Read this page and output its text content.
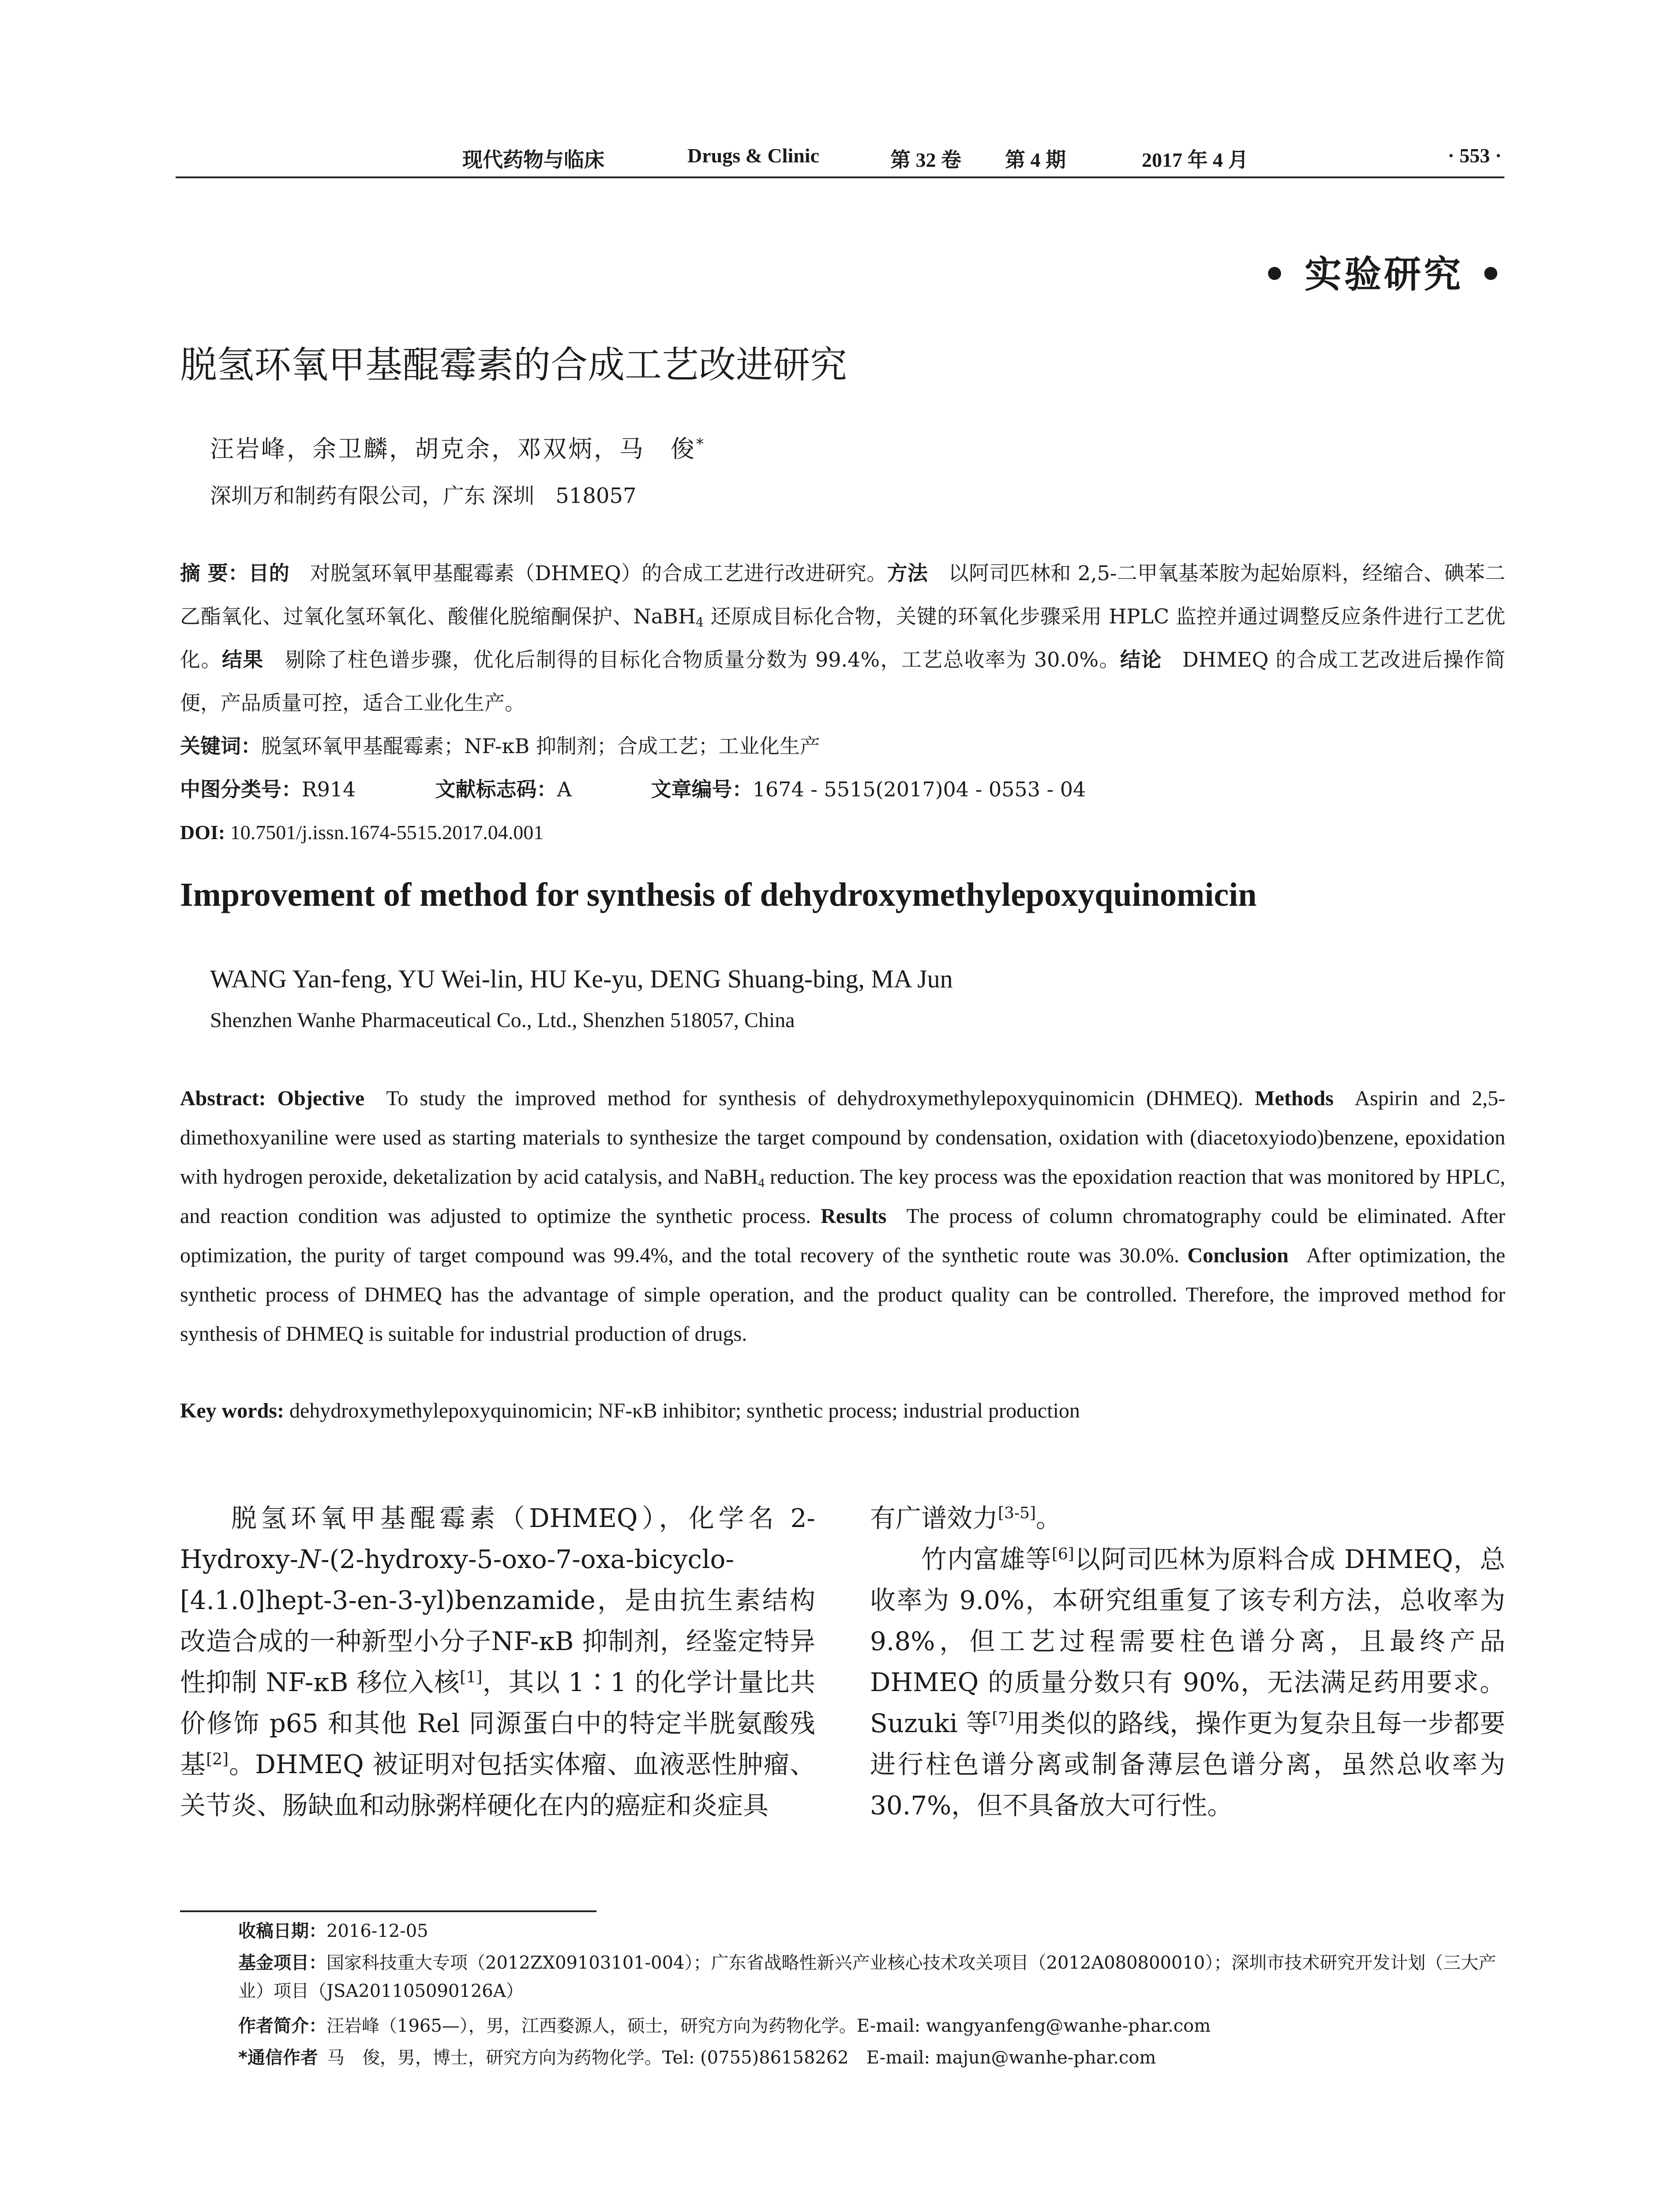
现代药物与临床	Drugs & Clinic	第 32 卷 第 4 期	2017 年 4 月	· 553 ·
• 实验研究 •
脱氢环氧甲基醌霉素的合成工艺改进研究
汪岩峰，余卫麟，胡克余，邓双炳，马　俊*
深圳万和制药有限公司，广东 深圳　518057

摘 要：目的  对脱氢环氧甲基醌霉素（DHMEQ）的合成工艺进行改进研究。方法  以阿司匹林和 2,5-二甲氧基苯胺为起始原料，经缩合、碘苯二乙酯氧化、过氧化氢环氧化、酸催化脱缩酮保护、NaBH$_4$ 还原成目标化合物，关键的环氧化步骤采用 HPLC 监控并通过调整反应条件进行工艺优化。结果  剔除了柱色谱步骤，优化后制得的目标化合物质量分数为 99.4%，工艺总收率为 30.0%。结论  DHMEQ 的合成工艺改进后操作简便，产品质量可控，适合工业化生产。

关键词：脱氢环氧甲基醌霉素；NF-κB 抑制剂；合成工艺；工业化生产

中图分类号：R914	文献标志码：A	文章编号：1674 - 5515(2017)04 - 0553 - 04

DOI: 10.7501/j.issn.1674-5515.2017.04.001

Improvement of method for synthesis of dehydroxymethylepoxyquinomicin
WANG Yan-feng, YU Wei-lin, HU Ke-yu, DENG Shuang-bing, MA Jun
Shenzhen Wanhe Pharmaceutical Co., Ltd., Shenzhen 518057, China

Abstract: Objective  To study the improved method for synthesis of dehydroxymethylepoxyquinomicin (DHMEQ). Methods  Aspirin and 2,5-dimethoxyaniline were used as starting materials to synthesize the target compound by condensation, oxidation with (diacetoxyiodo)benzene, epoxidation with hydrogen peroxide, deketalization by acid catalysis, and NaBH$_4$ reduction. The key process was the epoxidation reaction that was monitored by HPLC, and reaction condition was adjusted to optimize the synthetic process. Results  The process of column chromatography could be eliminated. After optimization, the purity of target compound was 99.4%, and the total recovery of the synthetic route was 30.0%. Conclusion  After optimization, the synthetic process of DHMEQ has the advantage of simple operation, and the product quality can be controlled. Therefore, the improved method for synthesis of DHMEQ is suitable for industrial production of drugs.

Key words: dehydroxymethylepoxyquinomicin; NF-κB inhibitor; synthetic process; industrial production

脱氢环氧甲基醌霉素（DHMEQ），化学名 2-Hydroxy-N-(2-hydroxy-5-oxo-7-oxa-bicyclo-[4.1.0]hept-3-en-3-yl)benzamide，是由抗生素结构改造合成的一种新型小分子NF-κB 抑制剂，经鉴定特异性抑制 NF-κB 移位入核[1]，其以 1∶1 的化学计量比共价修饰 p65 和其他 Rel 同源蛋白中的特定半胱氨酸残基[2]。DHMEQ 被证明对包括实体瘤、血液恶性肿瘤、关节炎、肠缺血和动脉粥样硬化在内的癌症和炎症具

有广谱效力[3-5]。

竹内富雄等[6]以阿司匹林为原料合成 DHMEQ，总收率为 9.0%，本研究组重复了该专利方法，总收率为 9.8%，但工艺过程需要柱色谱分离，且最终产品 DHMEQ 的质量分数只有 90%，无法满足药用要求。Suzuki 等[7]用类似的路线，操作更为复杂且每一步都要进行柱色谱分离或制备薄层色谱分离，虽然总收率为 30.7%，但不具备放大可行性。

收稿日期：2016-12-05
基金项目：国家科技重大专项（2012ZX09103101-004）；广东省战略性新兴产业核心技术攻关项目（2012A080800010）；深圳市技术研究开发计划（三大产业）项目（JSA201105090126A）
作者简介：汪岩峰（1965—），男，江西婺源人，硕士，研究方向为药物化学。E-mail: wangyanfeng@wanhe-phar.com
*通信作者  马　俊，男，博士，研究方向为药物化学。Tel: (0755)86158262　E-mail: majun@wanhe-phar.com
